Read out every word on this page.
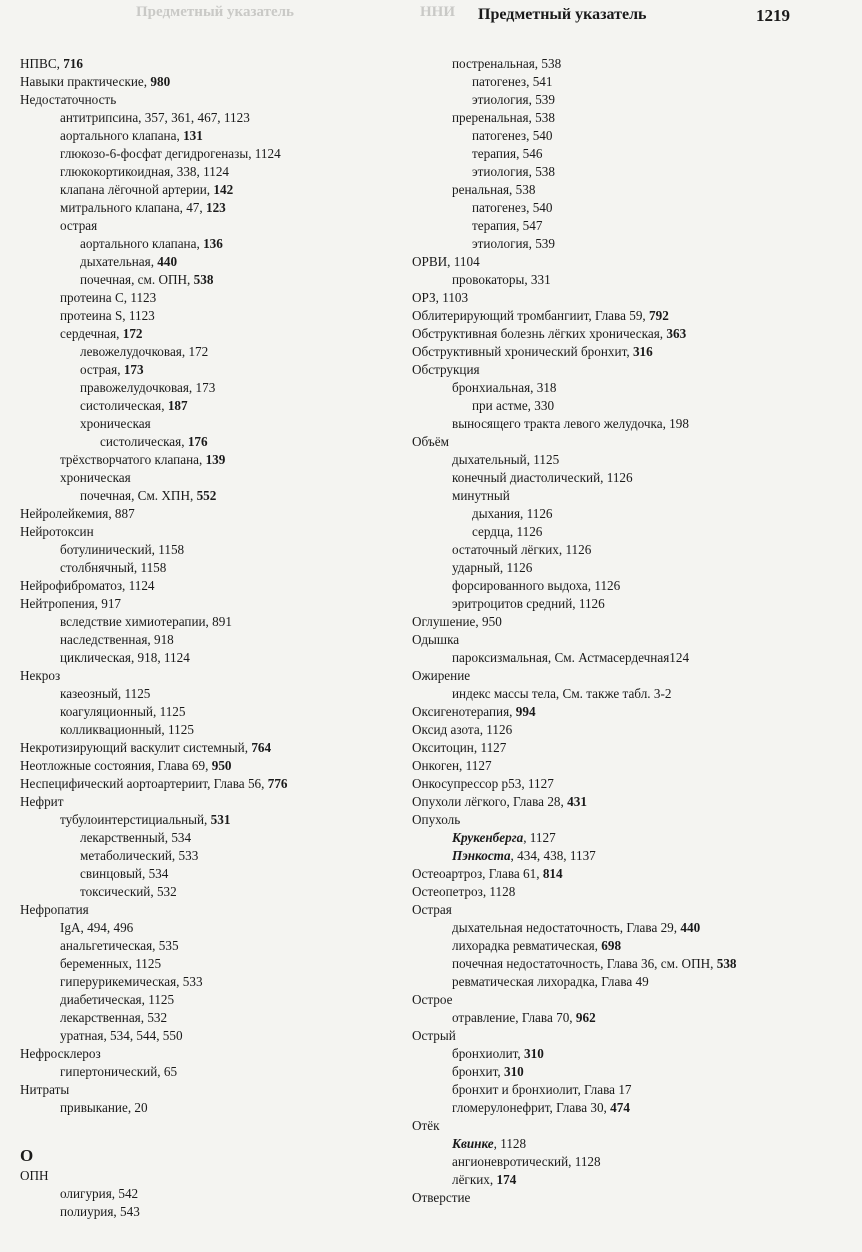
Предметный указатель	ННИ Предметный указатель	1219
НПВС, 716
Навыки практические, 980
Недостаточность
антитрипсина, 357, 361, 467, 1123
аортального клапана, 131
глюкозо-6-фосфат дегидрогеназы, 1124
глюкокортикоидная, 338, 1124
клапана лёгочной артерии, 142
митрального клапана, 47, 123
острая
аортального клапана, 136
дыхательная, 440
почечная, см. ОПН, 538
протеина C, 1123
протеина S, 1123
сердечная, 172
левожелудочковая, 172
острая, 173
правожелудочковая, 173
систолическая, 187
хроническая
систолическая, 176
трёхстворчатого клапана, 139
хроническая
почечная, См. ХПН, 552
Нейролейкемия, 887
Нейротоксин
ботулинический, 1158
столбнячный, 1158
Нейрофиброматоз, 1124
Нейтропения, 917
вследствие химиотерапии, 891
наследственная, 918
циклическая, 918, 1124
Некроз
казеозный, 1125
коагуляционный, 1125
колликвационный, 1125
Некротизирующий васкулит системный, 764
Неотложные состояния, Глава 69, 950
Неспецифический аортоартериит, Глава 56, 776
Нефрит
тубулоинтерстициальный, 531
лекарственный, 534
метаболический, 533
свинцовый, 534
токсический, 532
Нефропатия
IgA, 494, 496
анальгетическая, 535
беременных, 1125
гиперурикемическая, 533
диабетическая, 1125
лекарственная, 532
уратная, 534, 544, 550
Нефросклероз
гипертонический, 65
Нитраты
привыкание, 20
О
ОПН
олигурия, 542
полиурия, 543
постренальная, 538
патогенез, 541
этиология, 539
преренальная, 538
патогенез, 540
терапия, 546
этиология, 538
ренальная, 538
патогенез, 540
терапия, 547
этиология, 539
ОРВИ, 1104
провокаторы, 331
ОРЗ, 1103
Облитерирующий тромбангиит, Глава 59, 792
Обструктивная болезнь лёгких хроническая, 363
Обструктивный хронический бронхит, 316
Обструкция
бронхиальная, 318
при астме, 330
выносящего тракта левого желудочка, 198
Объём
дыхательный, 1125
конечный диастолический, 1126
минутный
дыхания, 1126
сердца, 1126
остаточный лёгких, 1126
ударный, 1126
форсированного выдоха, 1126
эритроцитов средний, 1126
Оглушение, 950
Одышка
пароксизмальная, См. Астмасердечная124
Ожирение
индекс массы тела, См. также табл. 3-2
Оксигенотерапия, 994
Оксид азота, 1126
Окситоцин, 1127
Онкоген, 1127
Онкосупрессор p53, 1127
Опухоли лёгкого, Глава 28, 431
Опухоль
Крукенберга, 1127
Пэнкоста, 434, 438, 1137
Остеоартроз, Глава 61, 814
Остеопетроз, 1128
Острая
дыхательная недостаточность, Глава 29, 440
лихорадка ревматическая, 698
почечная недостаточность, Глава 36, см. ОПН, 538
ревматическая лихорадка, Глава 49
Острое
отравление, Глава 70, 962
Острый
бронхиолит, 310
бронхит, 310
бронхит и бронхиолит, Глава 17
гломерулонефрит, Глава 30, 474
Отёк
Квинке, 1128
ангионевротический, 1128
лёгких, 174
Отверстие
